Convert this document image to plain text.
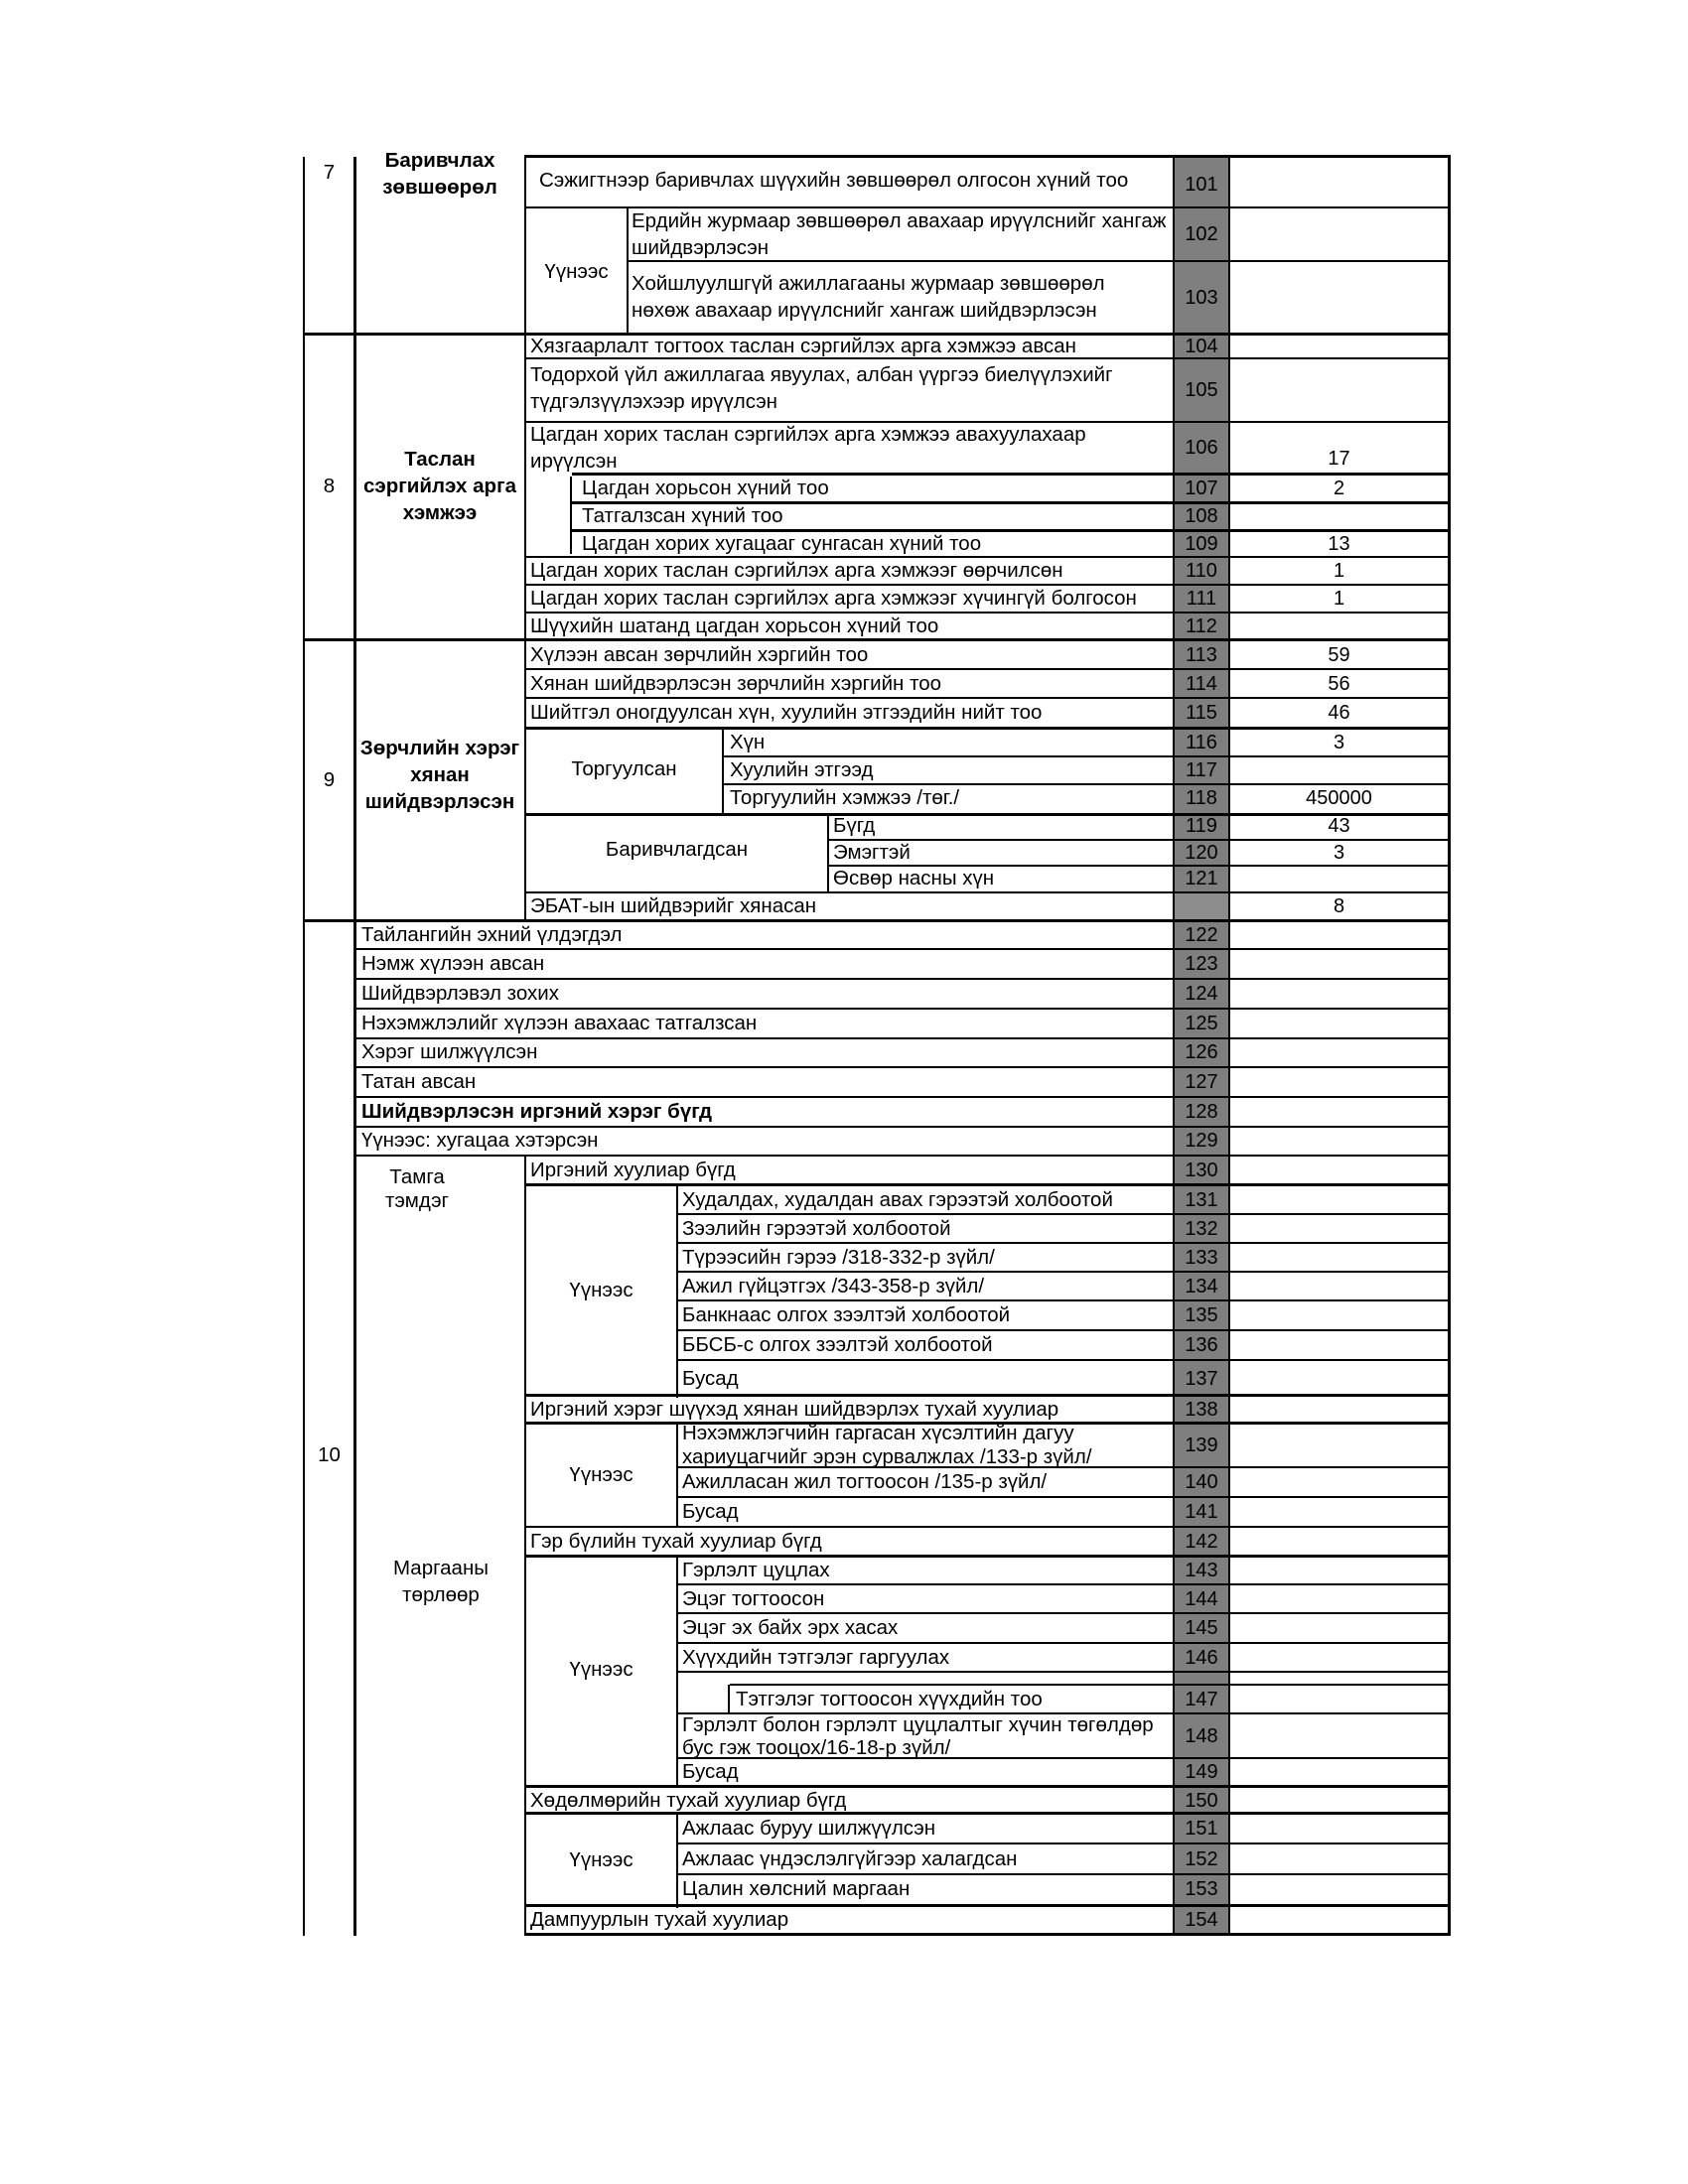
7
Баривчлах зөвшөөрөл	Сэжигтнээр баривчлах шүүхийн зөвшөөрөл олгосон хүний тоо
Үүнээс
Ердийн журмаар зөвшөөрөл авахаар ирүүлснийг хангаж шийдвэрлэсэн
Хойшлуулшгүй ажиллагааны журмаар зөвшөөрөл нөхөж авахаар ирүүлснийг хангаж шийдвэрлэсэн
8
Таслан сэргийлэх арга хэмжээ
Хязгаарлалт тогтоох таслан сэргийлэх арга хэмжээ авсан
Тодорхой үйл ажиллагаа явуулах, албан үүргээ биелүүлэхийг түдгэлзүүлэхээр ирүүлсэн
Цагдан хорих таслан сэргийлэх арга хэмжээ авахуулахаар ирүүлсэн
Цагдан хорьсон хүний тоо
Татгалзсан хүний тоо
Цагдан хорих хугацааг сунгасан хүний тоо
Цагдан хорих таслан сэргийлэх арга хэмжээг өөрчилсөн
Цагдан хорих таслан сэргийлэх арга хэмжээг хүчингүй болгосон
Шүүхийн шатанд цагдан хорьсон хүний тоо
9
Зөрчлийн хэрэг хянан шийдвэрлэсэн
Хүлээн авсан зөрчлийн хэргийн тоо
Хянан шийдвэрлэсэн зөрчлийн хэргийн тоо
Шийтгэл оногдуулсан хүн, хуулийн этгээдийн нийт тоо
Торгуулсан
Хүн
Хуулийн этгээд
Торгуулийн хэмжээ /төг./
Баривчлагдсан
Бүгд
Эмэгтэй
Өсвөр насны хүн
ЭБАТ-ын шийдвэрийг хянасан
10
Тайлангийн эхний үлдэгдэл
Нэмж хүлээн авсан
Шийдвэрлэвэл зохих
Нэхэмжлэлийг хүлээн авахаас татгалзсан
Хэрэг шилжүүлсэн
Татан авсан
Шийдвэрлэсэн иргэний хэрэг бүгд
Үүнээс: хугацаа хэтэрсэн
Тамга тэмдэг
Маргааны төрлөөр
Иргэний хуулиар бүгд
Үүнээс
Худалдах, худалдан авах гэрээтэй холбоотой
Зээлийн гэрээтэй холбоотой
Түрээсийн гэрээ /318-332-р зүйл/
Ажил гүйцэтгэх /343-358-р зүйл/
Банкнаас олгох зээлтэй холбоотой
ББСБ-с олгох зээлтэй холбоотой
Бусад
Иргэний хэрэг шүүхэд хянан шийдвэрлэх тухай хуулиар
Үүнээс
Нэхэмжлэгчийн гаргасан хүсэлтийн дагуу хариуцагчийг эрэн сурвалжлах /133-р зүйл/
Ажилласан жил тогтоосон /135-р зүйл/
Бусад
Гэр бүлийн тухай хуулиар бүгд
Үүнээс
Гэрлэлт цуцлах
Эцэг тогтоосон
Эцэг эх байх эрх хасах
Хүүхдийн тэтгэлэг гаргуулах
Тэтгэлэг тогтоосон хүүхдийн тоо
Гэрлэлт болон гэрлэлт цуцлалтыг хүчин төгөлдөр бус гэж тооцох/16-18-р зүйл/
Бусад
Хөдөлмөрийн тухай хуулиар бүгд
Үүнээс
Ажлаас буруу шилжүүлсэн
Ажлаас үндэслэлгүйгээр халагдсан
Цалин хөлсний маргаан
Дампуурлын тухай хуулиар
101
102
103
104
105
106
107
108
109
110
111
112
113
114
115
116
117
118
119
120
121
122
123
124
125
126
127
128
129
130
131
132
133
134
135
136
137
138
139
140
141
142
143
144
145
146
147
148
149
150
151
152
153
154
17
2
13
1
1
59
56
46
3
450000
43
3
8
